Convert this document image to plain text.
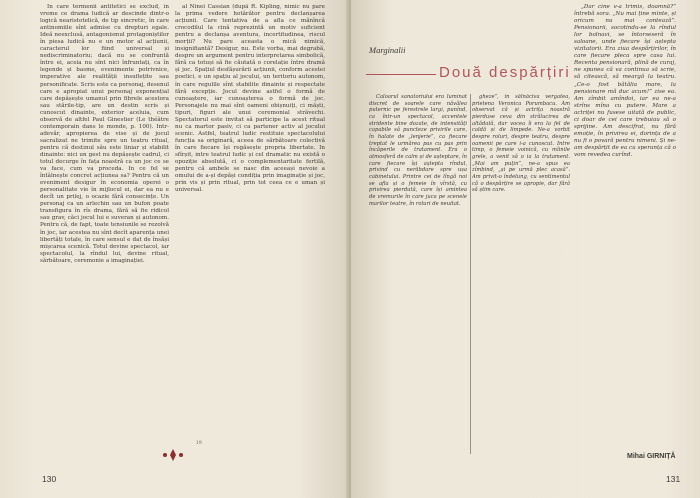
In care termenii antitetici se exclud, în vreme ce drama ludică ar descinde dintr-o logică nearistotelică, de tip sincretic, în care antinomiile sînt admise cu drepturi egale. Ideă neexclusă, antagonismul protagoniștilor în piesa ludică nu e un motor al acțiunii, caracterul lor fiind universal și nediscriminatoriu; dacă nu se confruntă între ei, aceia nu sînt nici înfruntați, ca în legende și basme, evenimente potrivnice, imperative ale realității insuflețite sau personificate. Scris este ca personaj, desenul care e apropiat unui personaj exponențial care depășește umanul prin fibrele acestora sau stările-tip, are un destin scris și cunoscut dinainte, exterior aceluia, cum observă de altfel Paul Ginestier (Le théâtre contemporain dans le monde, p. 100). Intr-adevăr, apropierea de vise și de jocul sacralizat ne trimite spre un teatru ritual, pentru că destinul său este liniar și stabilit dinainte: nici un gest nu depășește cadrul, ci totul decurge în fața noastră ca un joc ce se va face, cum va proceda. In ce fel se întâlnește concret acțiunea sa? Pentru că un eveniment desigur în economia operei o personalitate vie în mijlocul ei, dar ea nu e decît un prilej, o ocazie fără consecințe. Un personaj ca un arlechin sau un bufon poate transfigura în rîs drama, fără să fie ridicol sau grav, căci jocul lui e suveran și autonom. Pentru că, de fapt, toate tensiunile se rezolvă în joc, iar acestea nu sînt decît aparența unei libertăți totale, în care sensul e dat de însăși mișcarea scenică. Totul devine spectacol, iar spectacolul, la rîndul lui, devine ritual, sărbătoare, ceremonie a imaginației.

al Ninei Cassian (după R. Kipling, nimic nu pare la prima vedere hotărâtor pentru declanșarea acțiunii. Care tentativa de a afla ce mănîncă crocodilul la cină reprezintă un motiv suficient pentru a declanșa aventura, incertitudinea, riscul morții? Nu pare aceasta o mică nimică, insignifiantă? Desigur, nu. Este vorba, mai degrabă, despre un argument pentru interpretarea simbolică, fără ca totuși să fie căutată o corelație între dramă și joc. Spațiul desfășurării acțiunii, conform acestei poetici, e un spațiu al jocului, un teritoriu autonom, în care regulile sînt stabilite dinainte și respectate fără excepție. Jocul devine astfel o formă de cunoaștere, iar cunoașterea o formă de joc. Personajele nu mai sînt oameni obișnuiți, ci măști, tipuri, figuri ale unui ceremonial străvechi. Spectatorul este invitat să participe la acest ritual nu ca martor pasiv, ci ca partener activ al jocului scenic. Astfel, teatrul ludic restituie spectacolului funcția sa originară, aceea de sărbătoare colectivă în care fiecare își regăsește propria libertate. In sfîrșit, intre teatrul ludic și cel dramatic nu există o opoziție absolută, ci o complementaritate fertilă, pentru că ambele se nasc din aceeași nevoie a omului de a-și depăși condiția prin imaginație și joc, prin vis și prin ritual, prin tot ceea ce e uman și universal.

19
130
Marginalii
Două despărțiri

Caloarul sanatoriului era luminat discret de soarele care năvălea puternic pe ferestrele largi, punînd, ca într-un spectacol, accentele stridente bine dozate, de intensități capabile să puncteze privirile care, în halate de „lenjerie”, ca fiecare treptat le urmărea pas cu pas prin încăperile de tratament. Era o atmosferă de calm și de așteptare, în care fiecare își aștepta rîndul, privind cu nerăbdare spre ușa cabinetului. Printre cei de lîngă noi se afla și o femeie în vîrstă, cu privirea pierdută, care își amintea de vremurile în care juca pe scenele marilor teatre, în roluri de neuitat.

gheze”, in sălnăciva vergatea, prietena Veronica Porumbacu. Am observat că și actrița noastră pierduse ceva din strălucirea de altădată, dar vocea îi era la fel de caldă și de limpede. Ne-a vorbit despre roluri, despre teatru, despre oamenii pe care i-a cunoscut. Intre timp, o femeie voinică, cu mîinile grele, a venit să o ia la tratament. „Mai am puțin”, ne-a spus ea zîmbind, „și pe urmă plec acasă”. Am privit-o îndelung, cu sentimentul că o despărțire se apropie, dar fără să știm care.

„Dar cine v-a trimis, doamnă?” întrebă sora. „Nu mai ține minte, și oricum nu mai contează”. Pensionarii, socotindu-se la rîndul lor bolnavi, se întorseseră în saloane, unde fiecare își aștepta vizitatorii. Era ziua despărțirilor, în care fiecare pleca spre casa lui. Recenta pensionară, plină de curaj, ne spunea că va continua să scrie, să citească, să meargă la teatru. „Ce-o fost bătălia mare, la pensionare mă duc acum!” zise ea. Am zîmbit amîndoi, iar ea ne-a strîns mîna cu putere. Mare a actriței nu fusese uitată de public, ci doar de cei care trebuiau să o sprijine. Am descifrat, nu fără emoție, în privirea ei, dorința de a nu fi o povară pentru nimeni. Și ne-am despărțit de ea cu speranța că o vom revedea curînd.

Mihai GIRNIȚĂ
131
